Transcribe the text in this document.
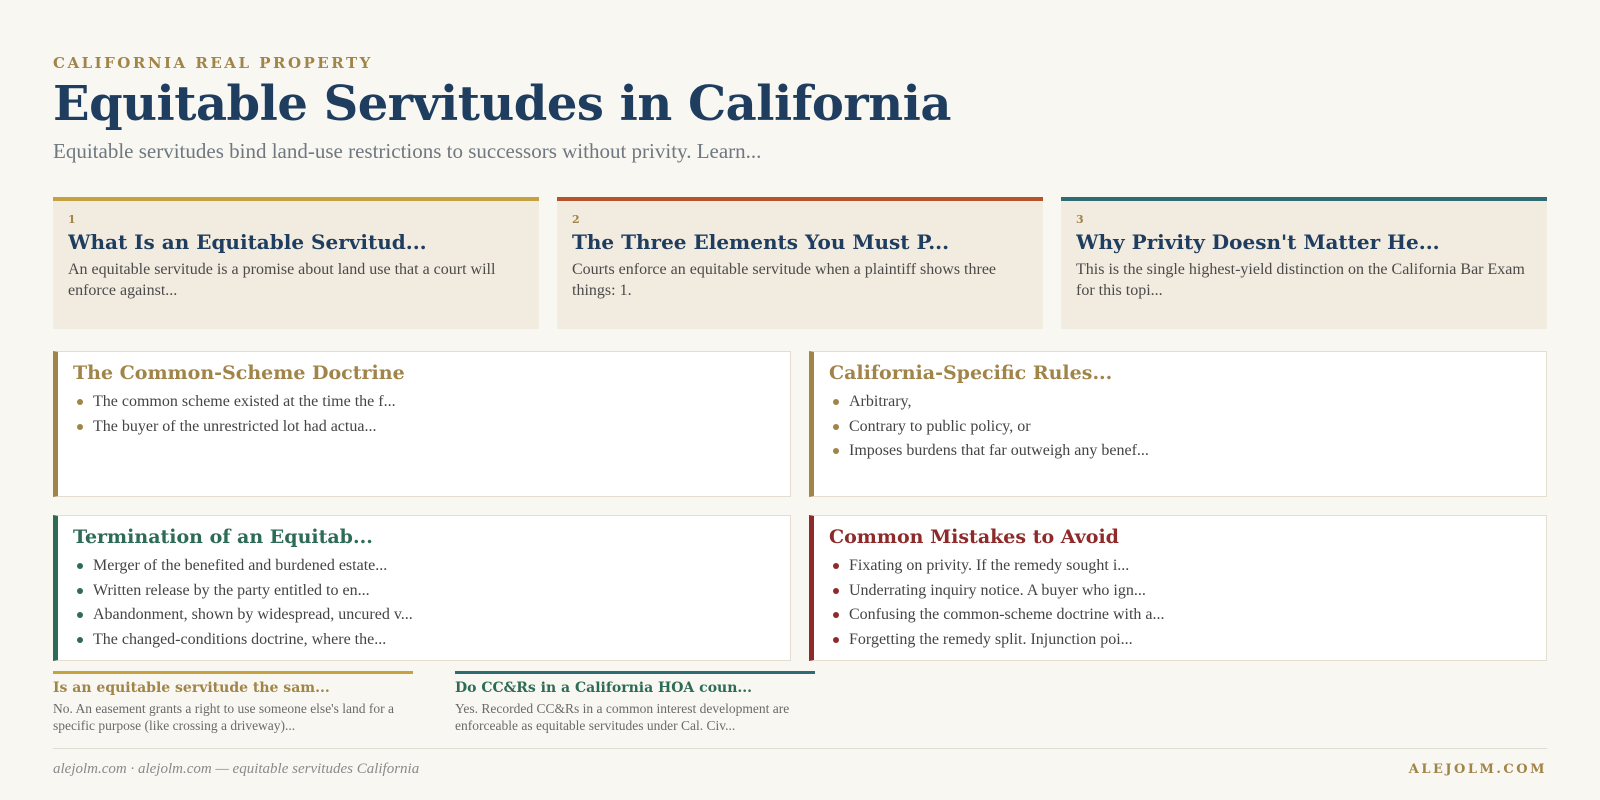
CALIFORNIA REAL PROPERTY
Equitable Servitudes in California
Equitable servitudes bind land-use restrictions to successors without privity. Learn...
1
What Is an Equitable Servitud...
An equitable servitude is a promise about land use that a court will enforce against...
2
The Three Elements You Must P...
Courts enforce an equitable servitude when a plaintiff shows three things: 1.
3
Why Privity Doesn't Matter He...
This is the single highest-yield distinction on the California Bar Exam for this topi...
The Common-Scheme Doctrine
The common scheme existed at the time the f...
The buyer of the unrestricted lot had actua...
California-Specific Rules...
Arbitrary,
Contrary to public policy, or
Imposes burdens that far outweigh any benef...
Termination of an Equitab...
Merger of the benefited and burdened estate...
Written release by the party entitled to en...
Abandonment, shown by widespread, uncured v...
The changed-conditions doctrine, where the...
Common Mistakes to Avoid
Fixating on privity. If the remedy sought i...
Underrating inquiry notice. A buyer who ign...
Confusing the common-scheme doctrine with a...
Forgetting the remedy split. Injunction poi...
Is an equitable servitude the sam...
No. An easement grants a right to use someone else's land for a specific purpose (like crossing a driveway)...
Do CC&Rs in a California HOA coun...
Yes. Recorded CC&Rs in a common interest development are enforceable as equitable servitudes under Cal. Civ...
alejolm.com · alejolm.com — equitable servitudes California	ALEJOLM.COM
